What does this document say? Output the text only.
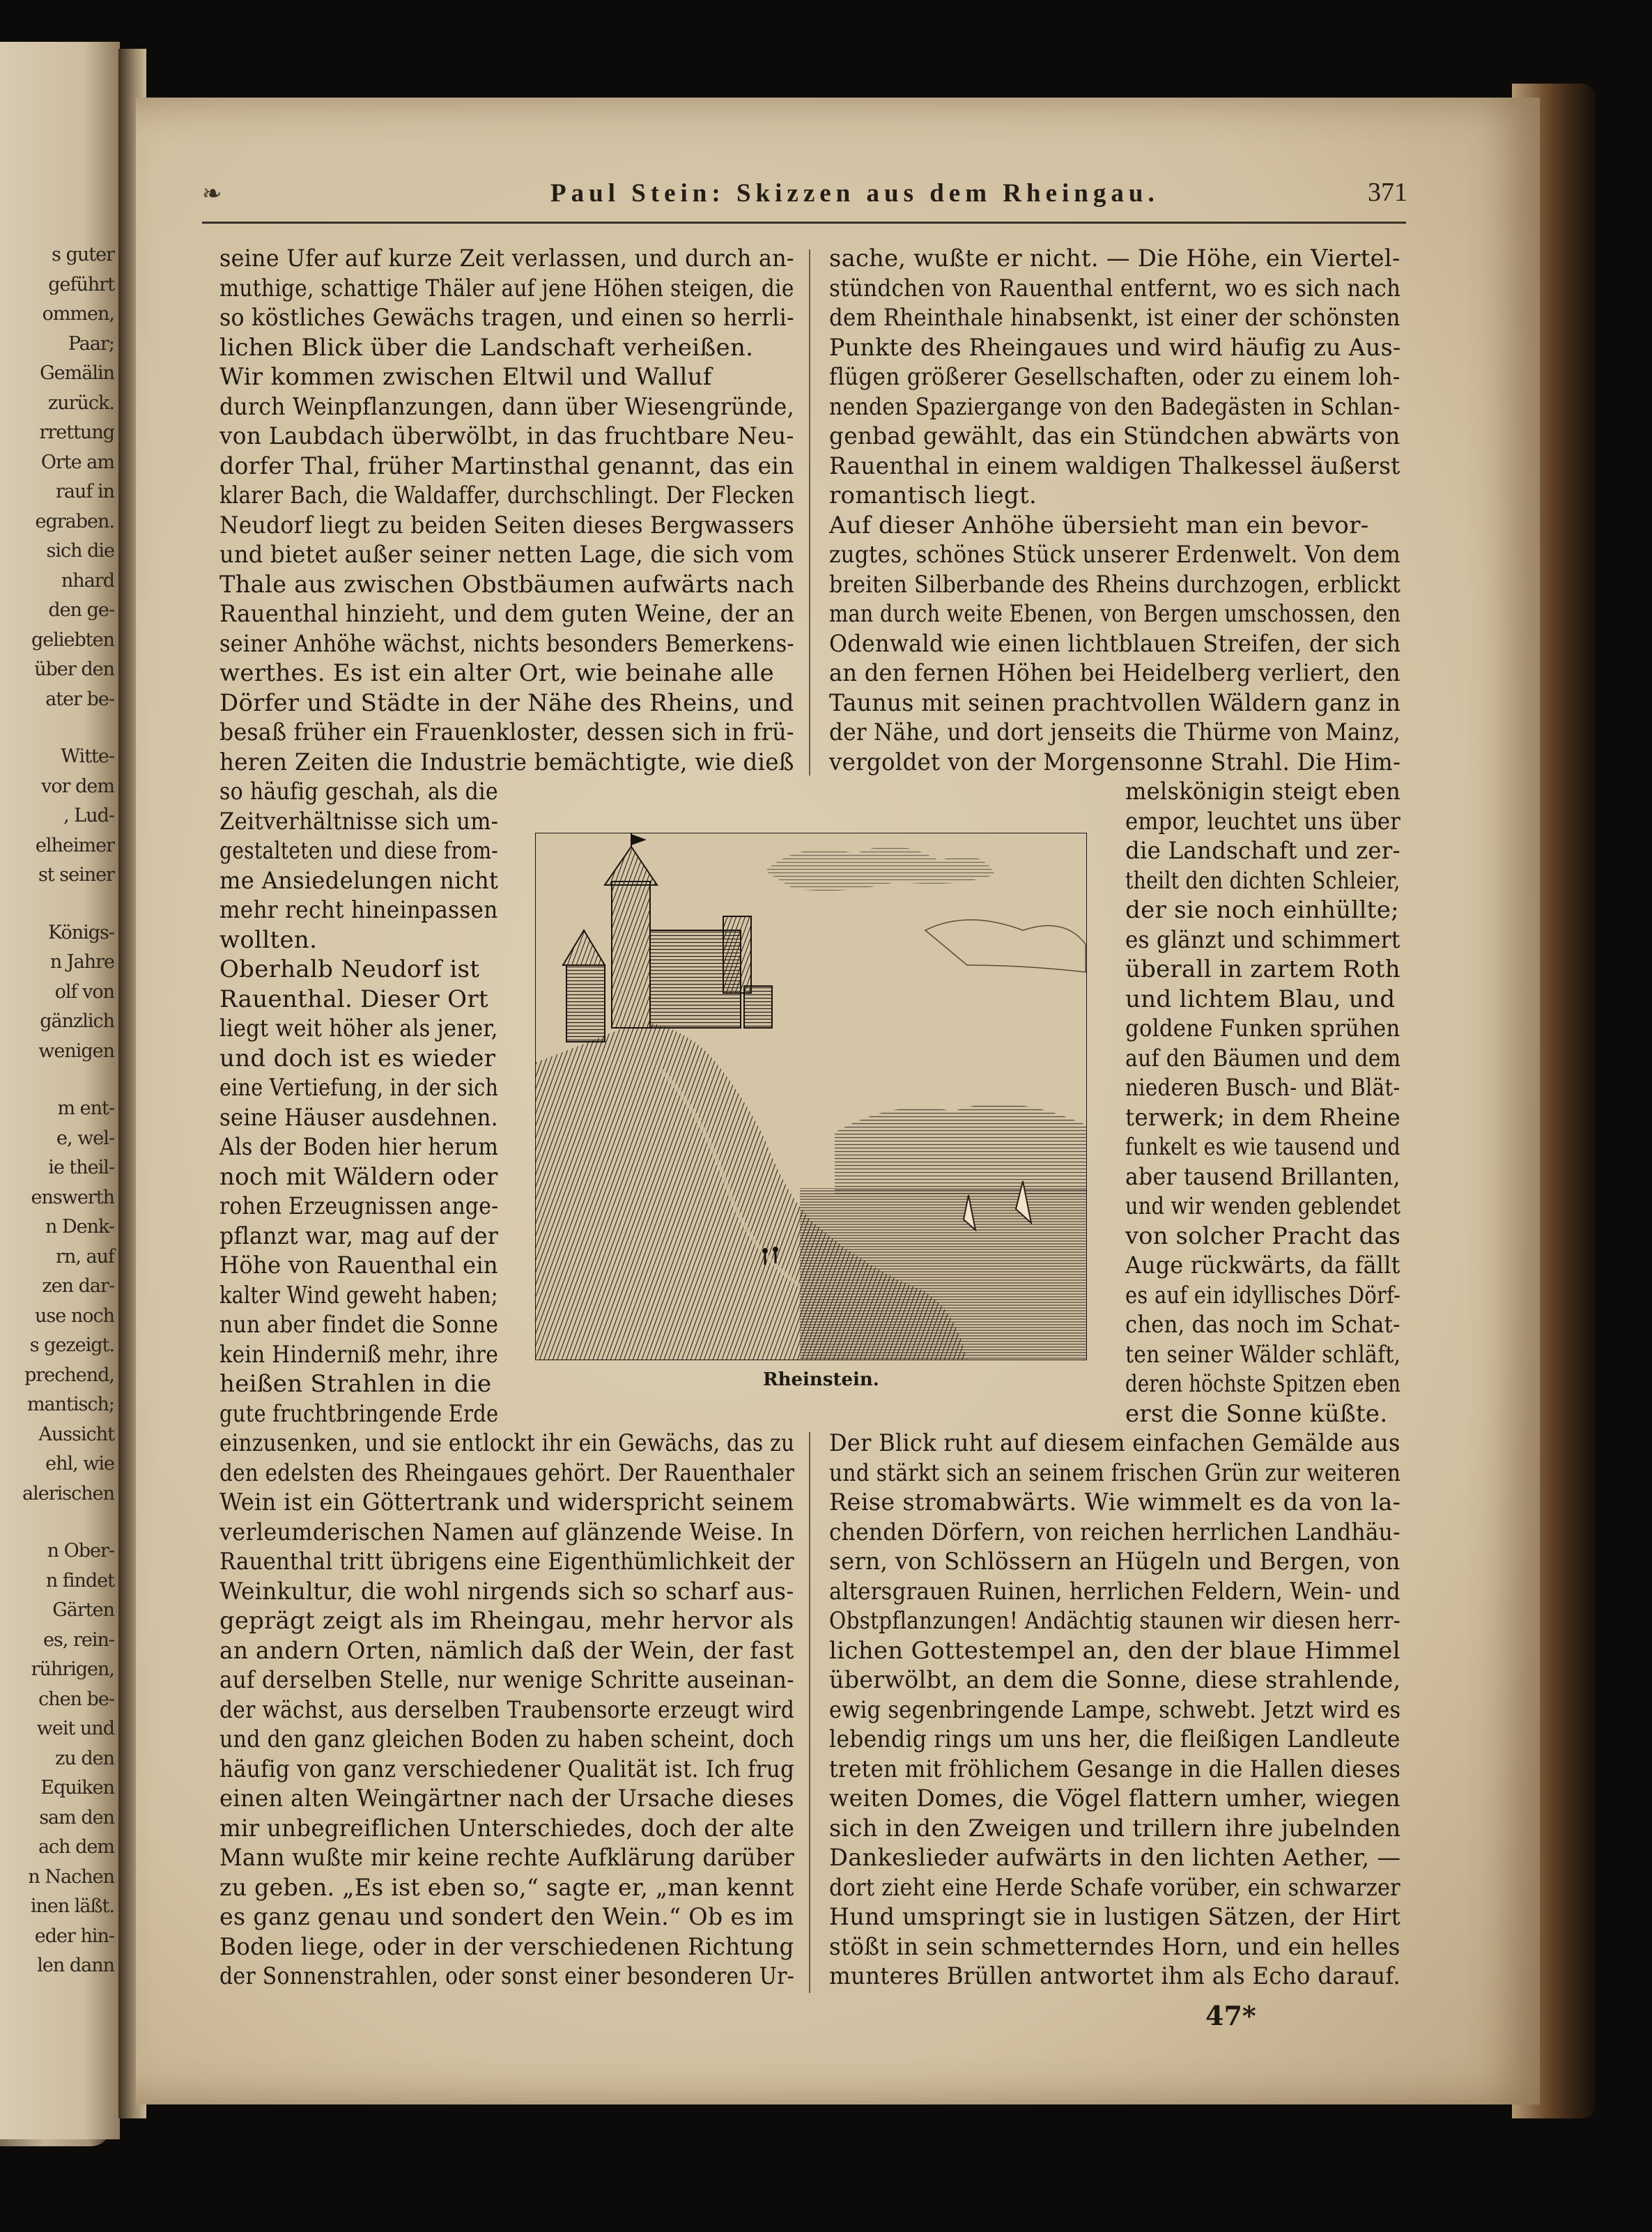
s guter
geführt
ommen,
Paar;
Gemälin
zurück.
rrettung
Orte am
rauf in
egraben.
sich die
nhard
den ge-
geliebten
über den
ater be-
Witte-
vor dem
, Lud-
elheimer
st seiner
Königs-
n Jahre
olf von
gänzlich
wenigen
m ent-
e, wel-
ie theil-
enswerth
n Denk-
rn, auf
zen dar-
use noch
s gezeigt.
prechend,
mantisch;
Aussicht
ehl, wie
alerischen
n Ober-
n findet
Gärten
es, rein-
rührigen,
chen be-
weit und
zu den
Equiken
sam den
ach dem
n Nachen
inen läßt.
eder hin-
len dann
❧	Paul Stein: Skizzen aus dem Rheingau.	371
seine Ufer auf kurze Zeit verlassen, und durch an-
muthige, schattige Thäler auf jene Höhen steigen, die
so köstliches Gewächs tragen, und einen so herrli-
lichen Blick über die Landschaft verheißen.
Wir kommen zwischen Eltwil und Walluf
durch Weinpflanzungen, dann über Wiesengründe,
von Laubdach überwölbt, in das fruchtbare Neu-
dorfer Thal, früher Martinsthal genannt, das ein
klarer Bach, die Waldaffer, durchschlingt. Der Flecken
Neudorf liegt zu beiden Seiten dieses Bergwassers
und bietet außer seiner netten Lage, die sich vom
Thale aus zwischen Obstbäumen aufwärts nach
Rauenthal hinzieht, und dem guten Weine, der an
seiner Anhöhe wächst, nichts besonders Bemerkens-
werthes. Es ist ein alter Ort, wie beinahe alle
Dörfer und Städte in der Nähe des Rheins, und
besaß früher ein Frauenkloster, dessen sich in frü-
heren Zeiten die Industrie bemächtigte, wie dieß
so häufig geschah, als die
Zeitverhältnisse sich um-
gestalteten und diese from-
me Ansiedelungen nicht
mehr recht hineinpassen
wollten.
Oberhalb Neudorf ist
Rauenthal. Dieser Ort
liegt weit höher als jener,
und doch ist es wieder
eine Vertiefung, in der sich
seine Häuser ausdehnen.
Als der Boden hier herum
noch mit Wäldern oder
rohen Erzeugnissen ange-
pflanzt war, mag auf der
Höhe von Rauenthal ein
kalter Wind geweht haben;
nun aber findet die Sonne
kein Hinderniß mehr, ihre
heißen Strahlen in die
gute fruchtbringende Erde
einzusenken, und sie entlockt ihr ein Gewächs, das zu
den edelsten des Rheingaues gehört. Der Rauenthaler
Wein ist ein Göttertrank und widerspricht seinem
verleumderischen Namen auf glänzende Weise. In
Rauenthal tritt übrigens eine Eigenthümlichkeit der
Weinkultur, die wohl nirgends sich so scharf aus-
geprägt zeigt als im Rheingau, mehr hervor als
an andern Orten, nämlich daß der Wein, der fast
auf derselben Stelle, nur wenige Schritte auseinan-
der wächst, aus derselben Traubensorte erzeugt wird
und den ganz gleichen Boden zu haben scheint, doch
häufig von ganz verschiedener Qualität ist. Ich frug
einen alten Weingärtner nach der Ursache dieses
mir unbegreiflichen Unterschiedes, doch der alte
Mann wußte mir keine rechte Aufklärung darüber
zu geben. „Es ist eben so,“ sagte er, „man kennt
es ganz genau und sondert den Wein.“ Ob es im
Boden liege, oder in der verschiedenen Richtung
der Sonnenstrahlen, oder sonst einer besonderen Ur-
sache, wußte er nicht. — Die Höhe, ein Viertel-
stündchen von Rauenthal entfernt, wo es sich nach
dem Rheinthale hinabsenkt, ist einer der schönsten
Punkte des Rheingaues und wird häufig zu Aus-
flügen größerer Gesellschaften, oder zu einem loh-
nenden Spaziergange von den Badegästen in Schlan-
genbad gewählt, das ein Stündchen abwärts von
Rauenthal in einem waldigen Thalkessel äußerst
romantisch liegt.
Auf dieser Anhöhe übersieht man ein bevor-
zugtes, schönes Stück unserer Erdenwelt. Von dem
breiten Silberbande des Rheins durchzogen, erblickt
man durch weite Ebenen, von Bergen umschossen, den
Odenwald wie einen lichtblauen Streifen, der sich
an den fernen Höhen bei Heidelberg verliert, den
Taunus mit seinen prachtvollen Wäldern ganz in
der Nähe, und dort jenseits die Thürme von Mainz,
vergoldet von der Morgensonne Strahl. Die Him-
melskönigin steigt eben
empor, leuchtet uns über
die Landschaft und zer-
theilt den dichten Schleier,
der sie noch einhüllte;
es glänzt und schimmert
überall in zartem Roth
und lichtem Blau, und
goldene Funken sprühen
auf den Bäumen und dem
niederen Busch- und Blät-
terwerk; in dem Rheine
funkelt es wie tausend und
aber tausend Brillanten,
und wir wenden geblendet
von solcher Pracht das
Auge rückwärts, da fällt
es auf ein idyllisches Dörf-
chen, das noch im Schat-
ten seiner Wälder schläft,
deren höchste Spitzen eben
erst die Sonne küßte.
Der Blick ruht auf diesem einfachen Gemälde aus
und stärkt sich an seinem frischen Grün zur weiteren
Reise stromabwärts. Wie wimmelt es da von la-
chenden Dörfern, von reichen herrlichen Landhäu-
sern, von Schlössern an Hügeln und Bergen, von
altersgrauen Ruinen, herrlichen Feldern, Wein- und
Obstpflanzungen! Andächtig staunen wir diesen herr-
lichen Gottestempel an, den der blaue Himmel
überwölbt, an dem die Sonne, diese strahlende,
ewig segenbringende Lampe, schwebt. Jetzt wird es
lebendig rings um uns her, die fleißigen Landleute
treten mit fröhlichem Gesange in die Hallen dieses
weiten Domes, die Vögel flattern umher, wiegen
sich in den Zweigen und trillern ihre jubelnden
Dankeslieder aufwärts in den lichten Aether, —
dort zieht eine Herde Schafe vorüber, ein schwarzer
Hund umspringt sie in lustigen Sätzen, der Hirt
stößt in sein schmetterndes Horn, und ein helles
munteres Brüllen antwortet ihm als Echo darauf.
Rheinstein.
47*
